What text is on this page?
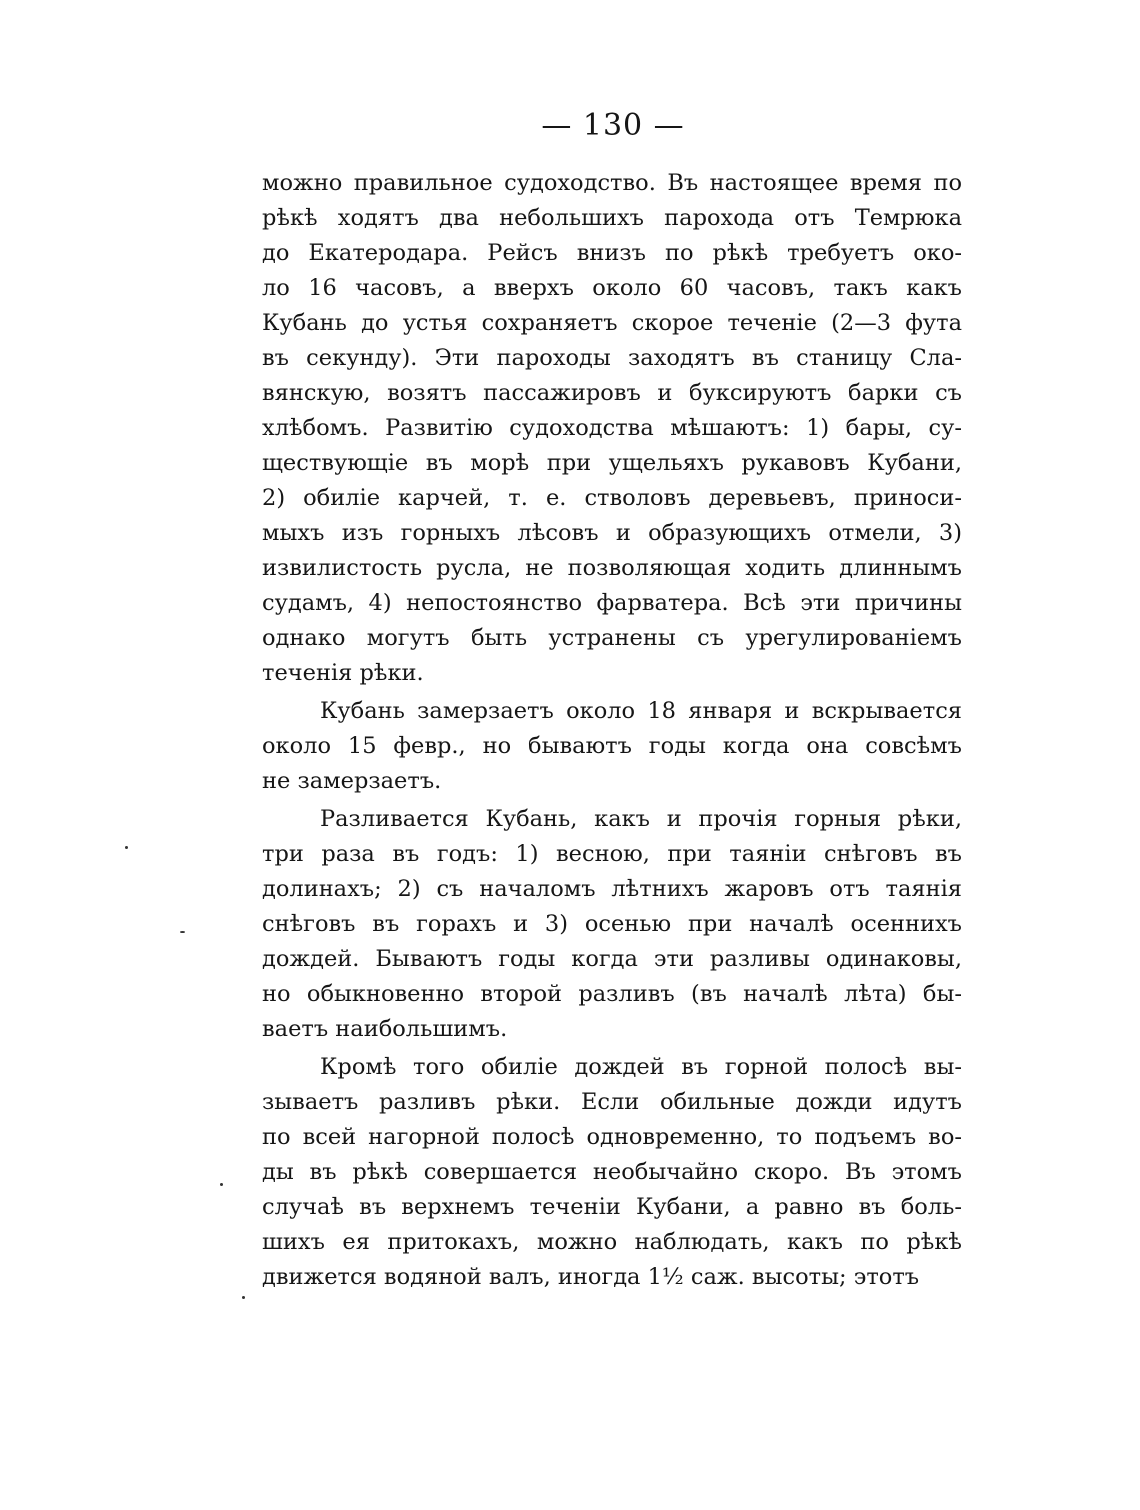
— 130 —
можно правильное судоходство. Въ настоящее время по
рѣкѣ ходятъ два небольшихъ парохода отъ Темрюка
до Екатеродара. Рейсъ внизъ по рѣкѣ требуетъ око-
ло 16 часовъ, а вверхъ около 60 часовъ, такъ какъ
Кубань до устья сохраняетъ скорое теченіе (2—3 фута
въ секунду). Эти пароходы заходятъ въ станицу Сла-
вянскую, возятъ пассажировъ и буксируютъ барки съ
хлѣбомъ. Развитію судоходства мѣшаютъ: 1) бары, су-
ществующіе въ морѣ при ущельяхъ рукавовъ Кубани,
2) обиліе карчей, т. е. стволовъ деревьевъ, приноси-
мыхъ изъ горныхъ лѣсовъ и образующихъ отмели, 3)
извилистость русла, не позволяющая ходить длиннымъ
судамъ, 4) непостоянство фарватера. Всѣ эти причины
однако могутъ быть устранены съ урегулированіемъ
теченія рѣки.
Кубань замерзаетъ около 18 января и вскрывается
около 15 февр., но бываютъ годы когда она совсѣмъ
не замерзаетъ.
Разливается Кубань, какъ и прочія горныя рѣки,
три раза въ годъ: 1) весною, при таяніи снѣговъ въ
долинахъ; 2) съ началомъ лѣтнихъ жаровъ отъ таянія
снѣговъ въ горахъ и 3) осенью при началѣ осеннихъ
дождей. Бываютъ годы когда эти разливы одинаковы,
но обыкновенно второй разливъ (въ началѣ лѣта) бы-
ваетъ наибольшимъ.
Кромѣ того обиліе дождей въ горной полосѣ вы-
зываетъ разливъ рѣки. Если обильные дожди идутъ
по всей нагорной полосѣ одновременно, то подъемъ во-
ды въ рѣкѣ совершается необычайно скоро. Въ этомъ
случаѣ въ верхнемъ теченіи Кубани, а равно въ боль-
шихъ ея притокахъ, можно наблюдать, какъ по рѣкѣ
движется водяной валъ, иногда 1½ саж. высоты; этотъ
